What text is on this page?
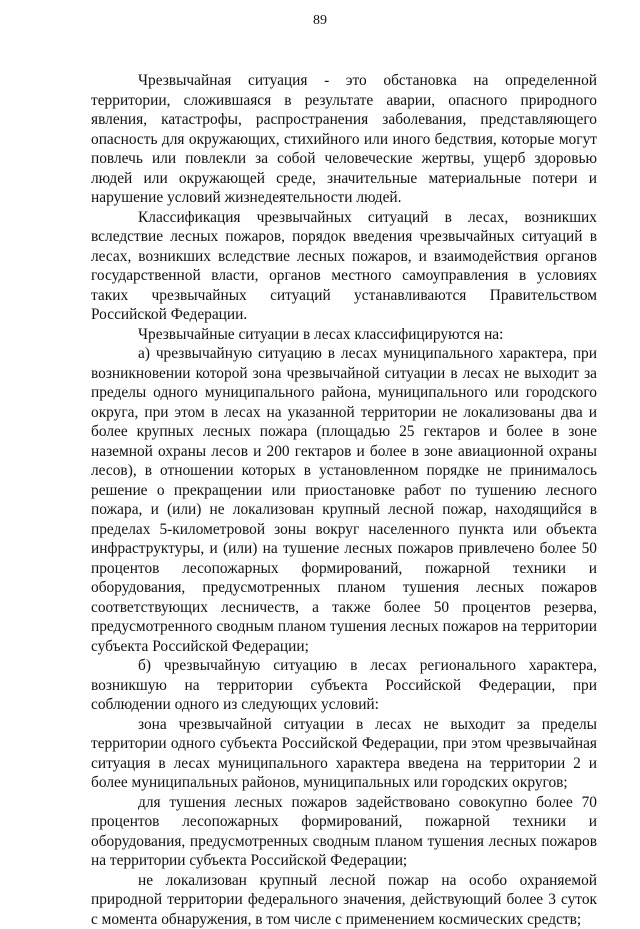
89

Чрезвычайная ситуация - это обстановка на определенной территории, сложившаяся в результате аварии, опасного природного явления, катастрофы, распространения заболевания, представляющего опасность для окружающих, стихийного или иного бедствия, которые могут повлечь или повлекли за собой человеческие жертвы, ущерб здоровью людей или окружающей среде, значительные материальные потери и нарушение условий жизнедеятельности людей.

Классификация чрезвычайных ситуаций в лесах, возникших вследствие лесных пожаров, порядок введения чрезвычайных ситуаций в лесах, возникших вследствие лесных пожаров, и взаимодействия органов государственной власти, органов местного самоуправления в условиях таких чрезвычайных ситуаций устанавливаются Правительством Российской Федерации.

Чрезвычайные ситуации в лесах классифицируются на:

а) чрезвычайную ситуацию в лесах муниципального характера, при возникновении которой зона чрезвычайной ситуации в лесах не выходит за пределы одного муниципального района, муниципального или городского округа, при этом в лесах на указанной территории не локализованы два и более крупных лесных пожара (площадью 25 гектаров и более в зоне наземной охраны лесов и 200 гектаров и более в зоне авиационной охраны лесов), в отношении которых в установленном порядке не принималось решение о прекращении или приостановке работ по тушению лесного пожара, и (или) не локализован крупный лесной пожар, находящийся в пределах 5-километровой зоны вокруг населенного пункта или объекта инфраструктуры, и (или) на тушение лесных пожаров привлечено более 50 процентов лесопожарных формирований, пожарной техники и оборудования, предусмотренных планом тушения лесных пожаров соответствующих лесничеств, а также более 50 процентов резерва, предусмотренного сводным планом тушения лесных пожаров на территории субъекта Российской Федерации;

б) чрезвычайную ситуацию в лесах регионального характера, возникшую на территории субъекта Российской Федерации, при соблюдении одного из следующих условий:

зона чрезвычайной ситуации в лесах не выходит за пределы территории одного субъекта Российской Федерации, при этом чрезвычайная ситуация в лесах муниципального характера введена на территории 2 и более муниципальных районов, муниципальных или городских округов;

для тушения лесных пожаров задействовано совокупно более 70 процентов лесопожарных формирований, пожарной техники и оборудования, предусмотренных сводным планом тушения лесных пожаров на территории субъекта Российской Федерации;

не локализован крупный лесной пожар на особо охраняемой природной территории федерального значения, действующий более 3 суток с момента обнаружения, в том числе с применением космических средств;
